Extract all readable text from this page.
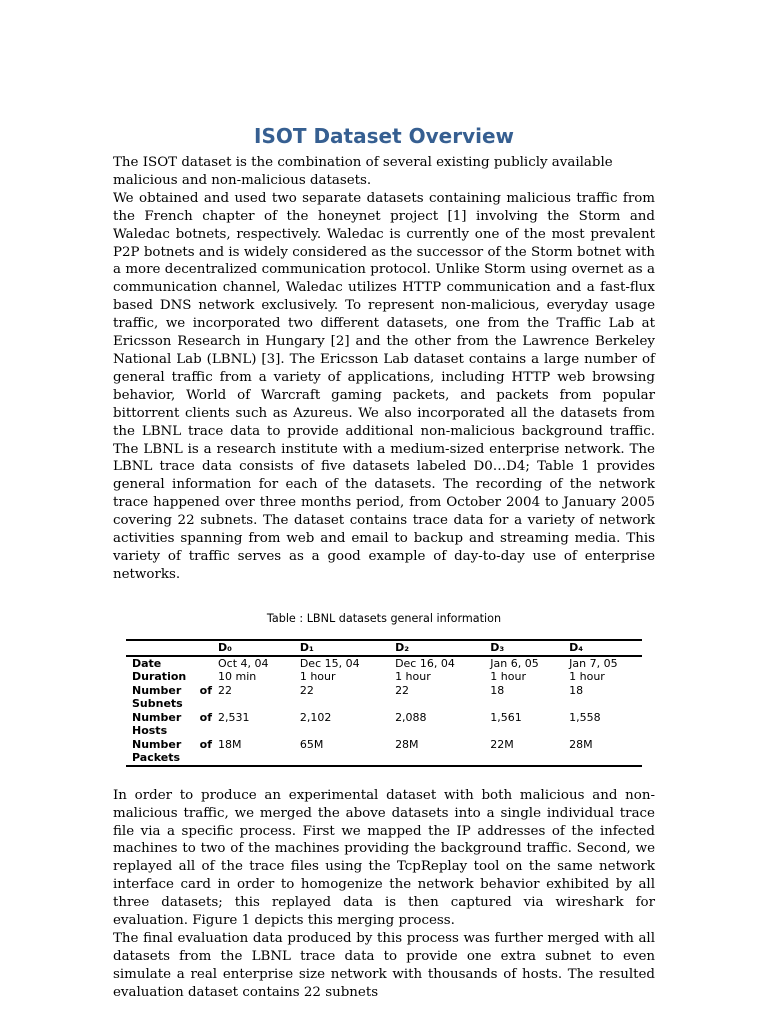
ISOT Dataset Overview

The ISOT dataset is the combination of several existing publicly available malicious and non-malicious datasets.

We obtained and used two separate datasets containing malicious traffic from the French chapter of the honeynet project [1] involving the Storm and Waledac botnets, respectively. Waledac is currently one of the most prevalent P2P botnets and is widely considered as the successor of the Storm botnet with a more decentralized communication protocol. Unlike Storm using overnet as a communication channel, Waledac utilizes HTTP communication and a fast-flux based DNS network exclusively. To represent non-malicious, everyday usage traffic, we incorporated two different datasets, one from the Traffic Lab at Ericsson Research in Hungary [2] and the other from the Lawrence Berkeley National Lab (LBNL) [3]. The Ericsson Lab dataset contains a large number of general traffic from a variety of applications, including HTTP web browsing behavior, World of Warcraft gaming packets, and packets from popular bittorrent clients such as Azureus. We also incorporated all the datasets from the LBNL trace data to provide additional non-malicious background traffic. The LBNL is a research institute with a medium-sized enterprise network. The LBNL trace data consists of five datasets labeled D0…D4; Table 1 provides general information for each of the datasets. The recording of the network trace happened over three months period, from October 2004 to January 2005 covering 22 subnets. The dataset contains trace data for a variety of network activities spanning from web and email to backup and streaming media. This variety of traffic serves as a good example of day-to-day use of enterprise networks.

Table : LBNL datasets general information
	D₀	D₁	D₂	D₃	D₄
Date	Oct 4, 04	Dec 15, 04	Dec 16, 04	Jan 6, 05	Jan 7, 05
Duration	10 min	1 hour	1 hour	1 hour	1 hour

Number of
Subnets	22	22	22	18	18

Number of
Hosts	2,531	2,102	2,088	1,561	1,558

Number of
Packets	18M	65M	28M	22M	28M

In order to produce an experimental dataset with both malicious and non-malicious traffic, we merged the above datasets into a single individual trace file via a specific process. First we mapped the IP addresses of the infected machines to two of the machines providing the background traffic. Second, we replayed all of the trace files using the TcpReplay tool on the same network interface card in order to homogenize the network behavior exhibited by all three datasets; this replayed data is then captured via wireshark for evaluation. Figure 1 depicts this merging process.

The final evaluation data produced by this process was further merged with all datasets from the LBNL trace data to provide one extra subnet to even simulate a real enterprise size network with thousands of hosts. The resulted evaluation dataset contains 22 subnets
